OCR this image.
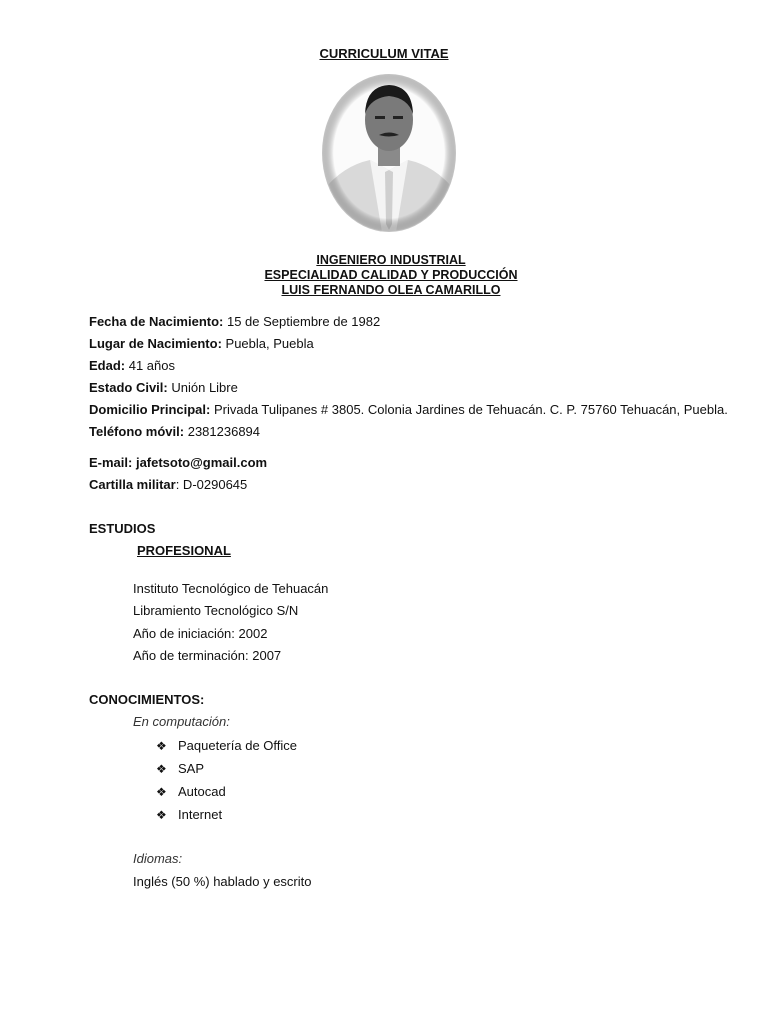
CURRICULUM VITAE
INGENIERO INDUSTRIAL
ESPECIALIDAD CALIDAD Y PRODUCCIÓN
LUIS FERNANDO OLEA CAMARILLO
Fecha de Nacimiento: 15 de Septiembre de 1982
Lugar de Nacimiento: Puebla, Puebla
Edad: 41 años
Estado Civil: Unión Libre
Domicilio Principal: Privada Tulipanes # 3805. Colonia Jardines de Tehuacán. C. P. 75760 Tehuacán, Puebla.
Teléfono móvil: 2381236894
E-mail: jafetsoto@gmail.com
Cartilla militar: D-0290645
ESTUDIOS
PROFESIONAL
Instituto Tecnológico de Tehuacán
Libramiento Tecnológico S/N
Año de iniciación: 2002
Año de terminación: 2007
CONOCIMIENTOS:
En computación:
❖ Paquetería de Office
❖ SAP
❖ Autocad
❖ Internet
Idiomas:
Inglés (50 %) hablado y escrito
